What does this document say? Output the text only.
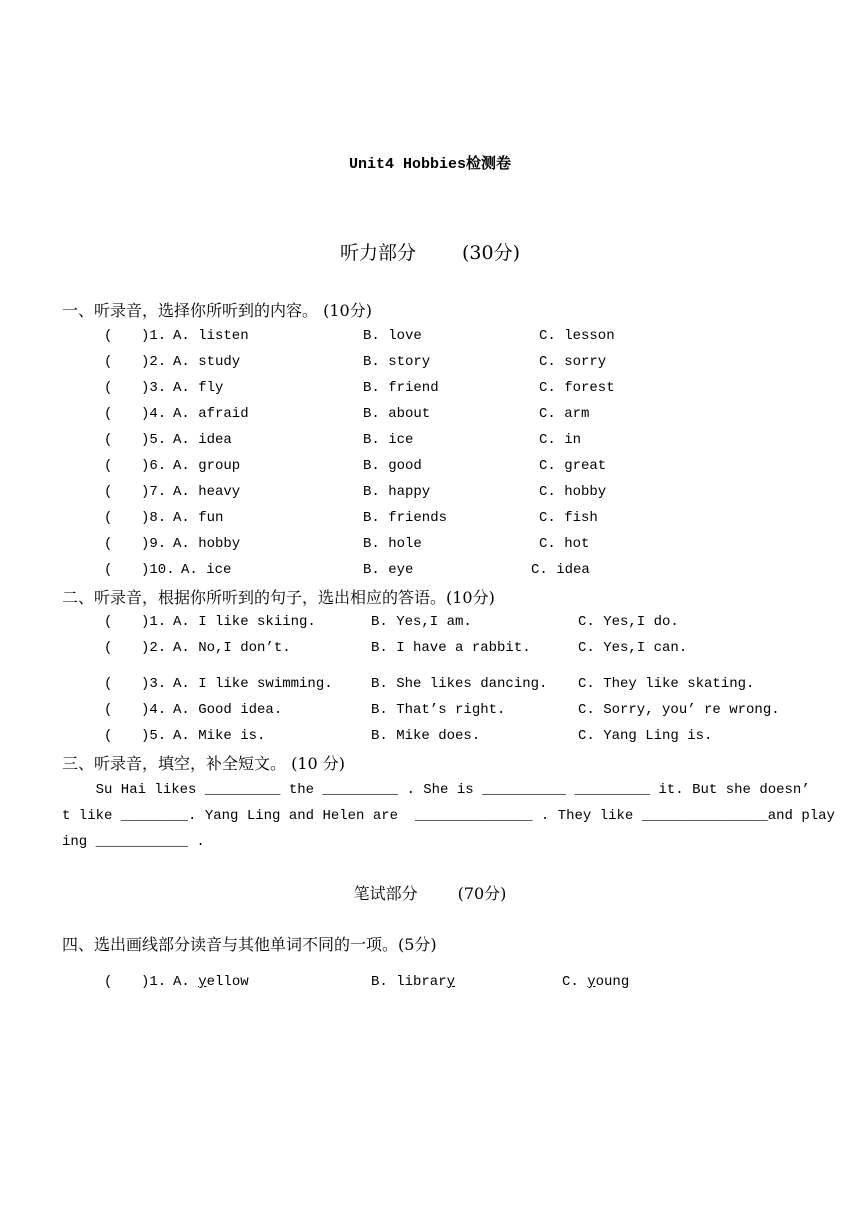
Unit4 Hobbies检测卷
听力部分 (30分)
一、听录音，选择你所听到的内容。 (10分)
( )1. A. listen	B. love	C. lesson
( )2. A. study	B. story	C. sorry
( )3. A. fly	B. friend	C. forest
( )4. A. afraid	B. about	C. arm
( )5. A. idea	B. ice	C. in
( )6. A. group	B. good	C. great
( )7. A. heavy	B. happy	C. hobby
( )8. A. fun	B. friends	C. fish
( )9. A. hobby	B. hole	C. hot
( )10. A. ice	B. eye	C. idea
二、听录音，根据你所听到的句子，选出相应的答语。(10分)
( )1. A. I like skiing.	B. Yes,I am.	C. Yes,I do.
( )2. A. No,I don’t.	B. I have a rabbit.	C. Yes,I can.
( )3. A. I like swimming.	B. She likes dancing. C. They like skating.
( )4. A. Good idea.	B. That’s right.	C. Sorry, you’ re wrong.
( )5. A. Mike is.	B. Mike does.	C. Yang Ling is.
三、听录音，填空，补全短文。 (10 分)
Su Hai likes _________ the _________ . She is __________ _________ it. But she doesn’
t like ________. Yang Ling and Helen are  ______________ . They like _______________and play
ing ___________ .
笔试部分	(70分)
四、选出画线部分读音与其他单词不同的一项。(5分)
( )1. A. yellow	B. library	C. young
